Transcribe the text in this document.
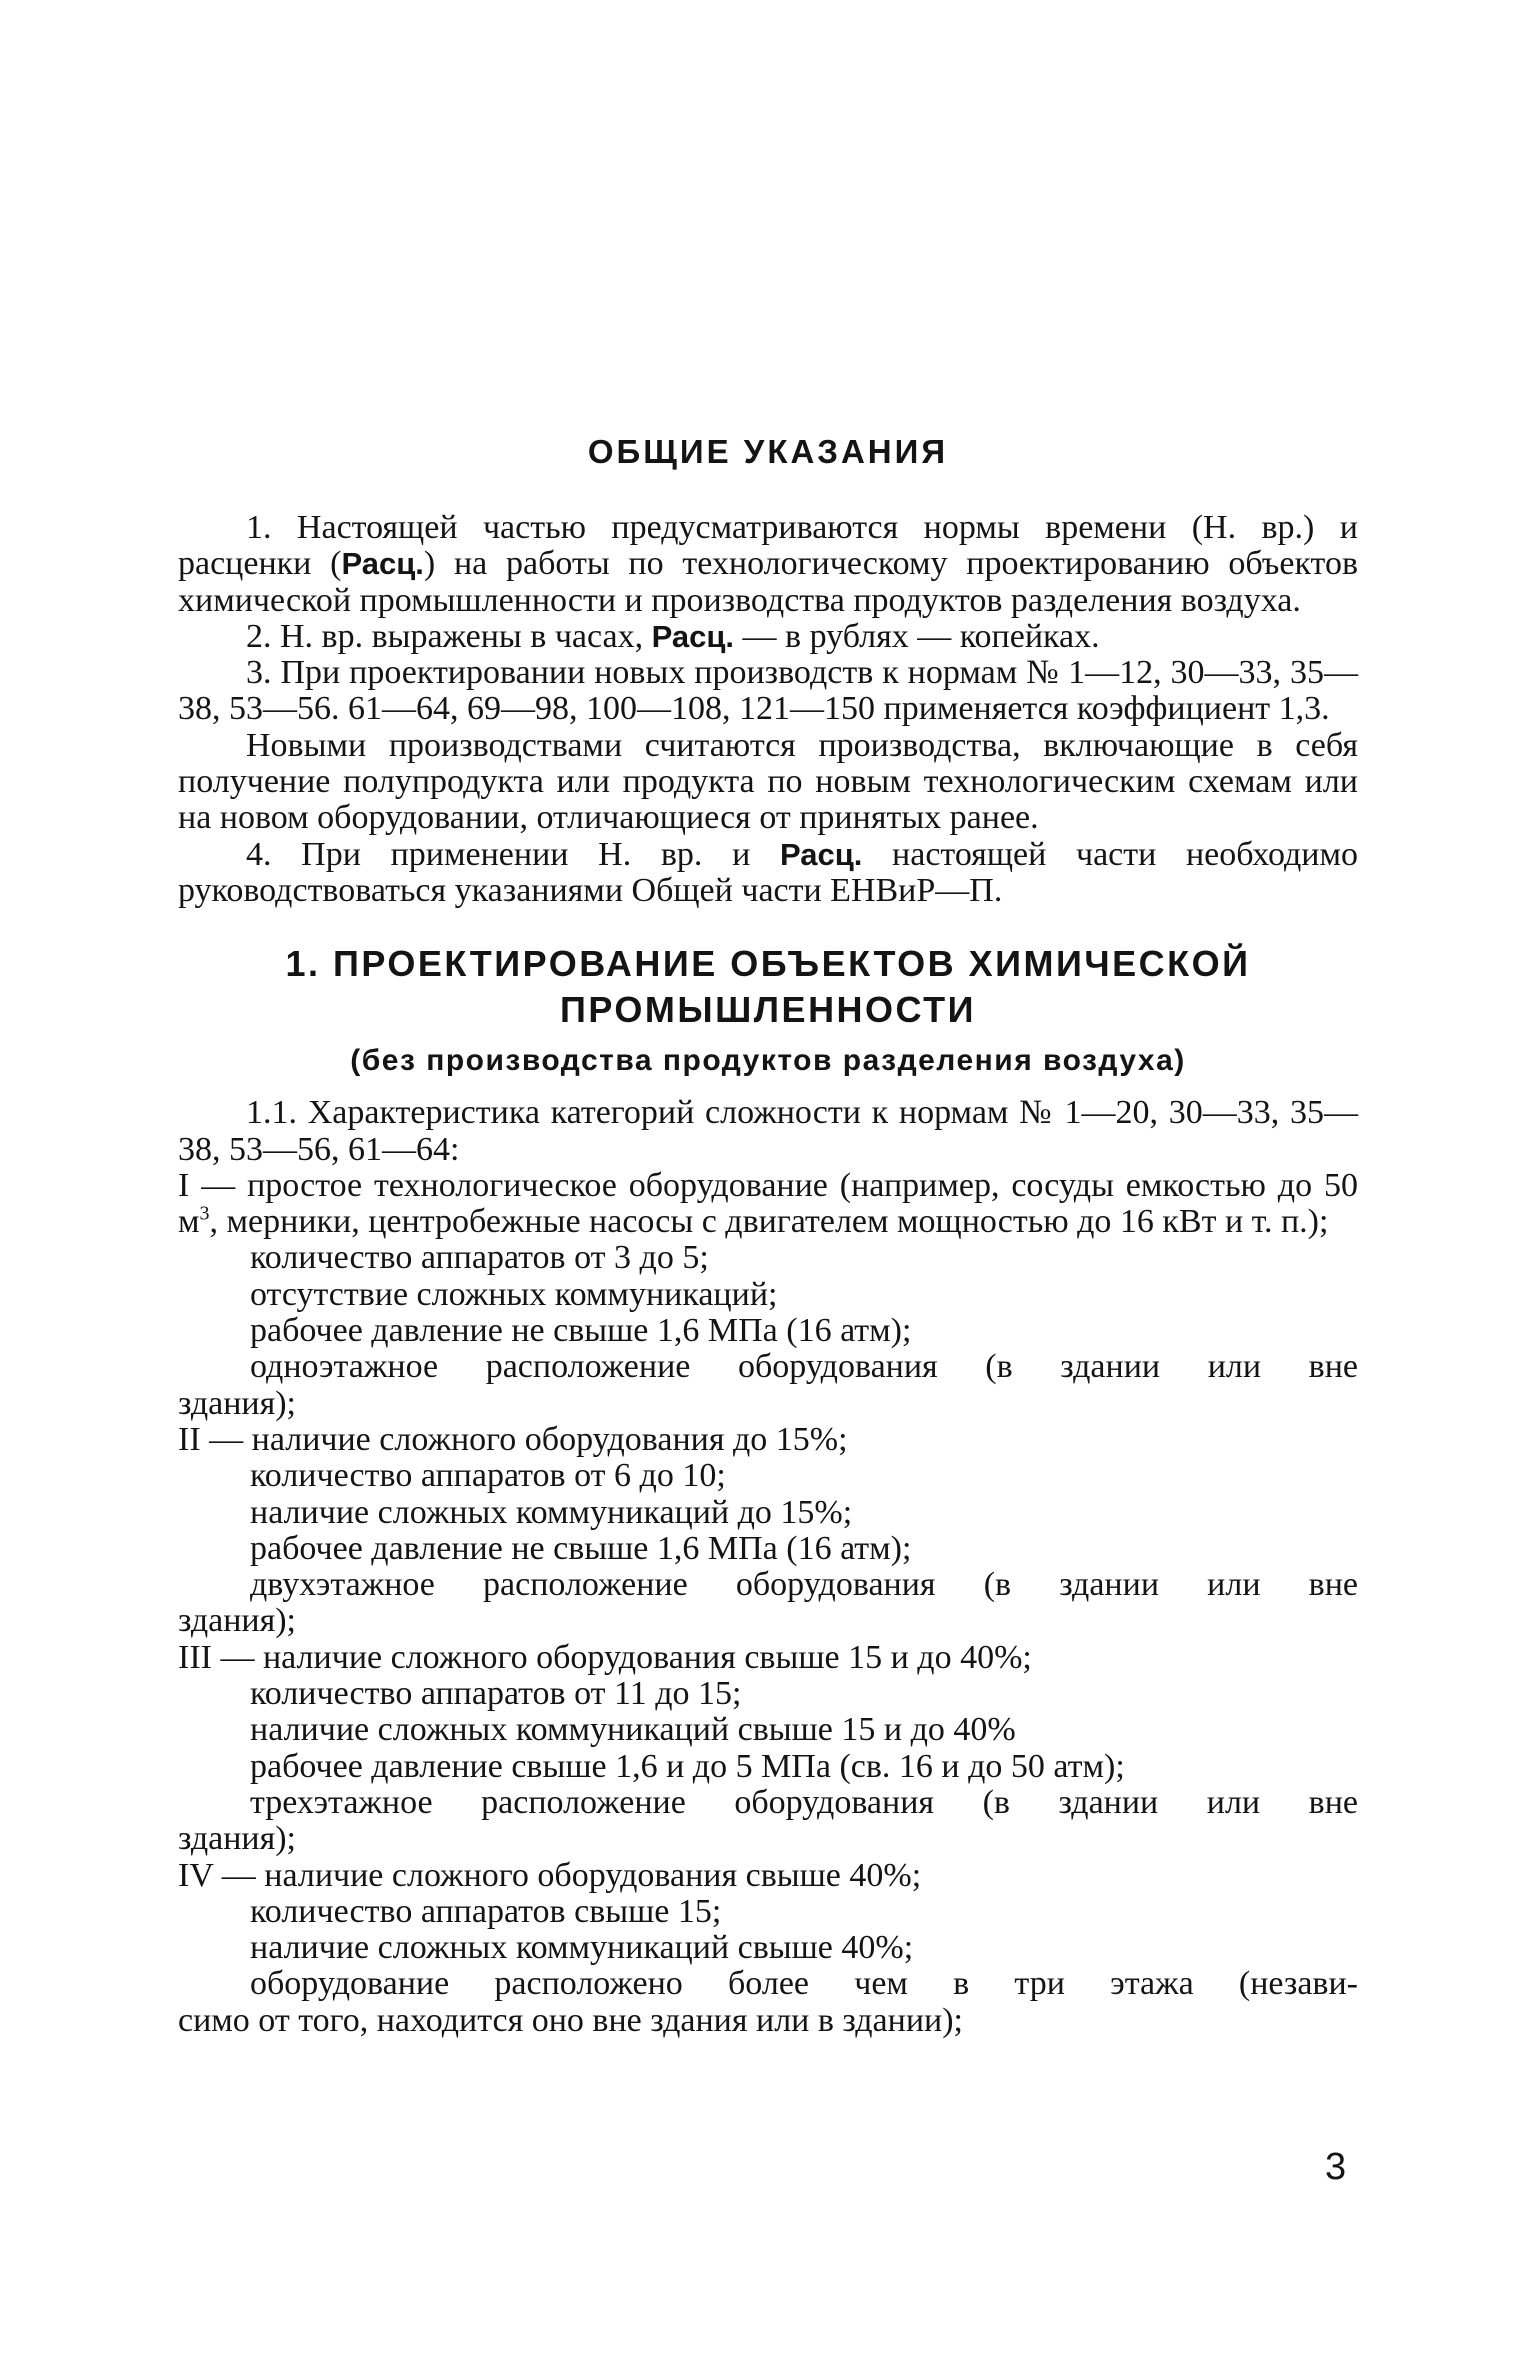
ОБЩИЕ УКАЗАНИЯ

1. Настоящей частью предусматриваются нормы времени (Н. вр.) и расценки (Расц.) на работы по технологическому проектированию объектов химической промышленности и производства продуктов разделения воздуха.

2. Н. вр. выражены в часах, Расц. — в рублях — копейках.

3. При проектировании новых производств к нормам № 1—12, 30—33, 35—38, 53—56. 61—64, 69—98, 100—108, 121—150 применяется коэффициент 1,3.

Новыми производствами считаются производства, включающие в себя получение полупродукта или продукта по новым технологическим схемам или на новом оборудовании, отличающиеся от принятых ранее.

4. При применении Н. вр. и Расц. настоящей части необходимо руководствоваться указаниями Общей части ЕНВиР—П.

1. ПРОЕКТИРОВАНИЕ ОБЪЕКТОВ ХИМИЧЕСКОЙ
ПРОМЫШЛЕННОСТИ
(без производства продуктов разделения воздуха)

1.1. Характеристика категорий сложности к нормам № 1—20, 30—33, 35—38, 53—56, 61—64:

I — простое технологическое оборудование (например, сосуды емкостью до 50 $м^3$, мерники, центробежные насосы с двигателем мощностью до 16 кВт и т. п.);

количество аппаратов от 3 до 5;
отсутствие сложных коммуникаций;
рабочее давление не свыше 1,6 МПа (16 атм);
одноэтажное расположение оборудования (в здании или вне

здания);

II — наличие сложного оборудования до 15%;

количество аппаратов от 6 до 10;
наличие сложных коммуникаций до 15%;
рабочее давление не свыше 1,6 МПа (16 атм);
двухэтажное расположение оборудования (в здании или вне

здания);

III — наличие сложного оборудования свыше 15 и до 40%;

количество аппаратов от 11 до 15;
наличие сложных коммуникаций свыше 15 и до 40%
рабочее давление свыше 1,6 и до 5 МПа (св. 16 и до 50 атм);
трехэтажное расположение оборудования (в здании или вне

здания);

IV — наличие сложного оборудования свыше 40%;

количество аппаратов свыше 15;
наличие сложных коммуникаций свыше 40%;
оборудование расположено более чем в три этажа (незави-

симо от того, находится оно вне здания или в здании);

3
